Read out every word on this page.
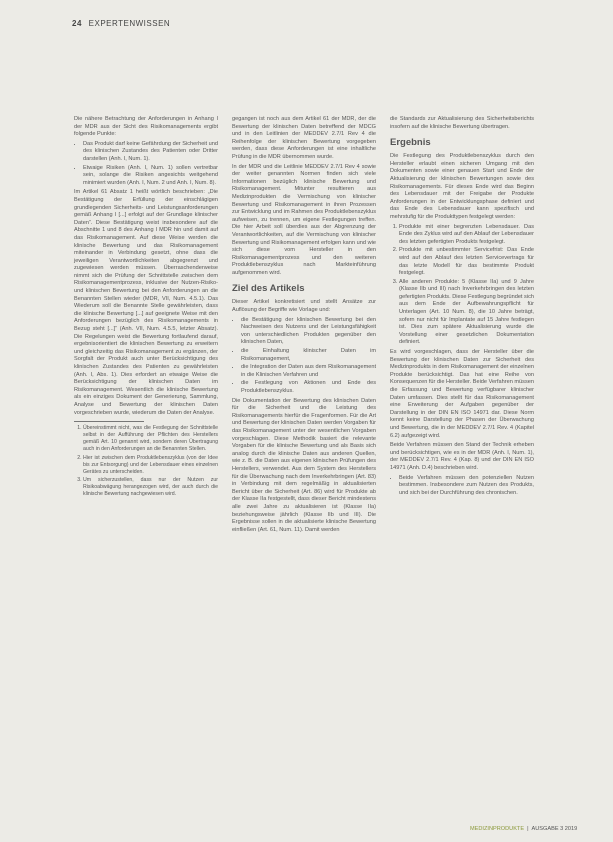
24 EXPERTENWISSEN

Die nähere Betrachtung der Anforderungen in Anhang I der MDR aus der Sicht des Risikomanagements ergibt folgende Punkte:

• Das Produkt darf keine Gefährdung der Sicherheit und des klinischen Zustandes des Patienten oder Dritter darstellen (Anh. I, Num. 1).
• Etwaige Risiken (Anh. I, Num. 1) sollen vertretbar sein, solange die Risiken angesichts weitgehend minimiert wurden (Anh. I, Num. 2 und Anh. I, Num. 8).

Im Artikel 61 Absatz 1 heißt wörtlich beschrieben: „Die Bestätigung der Erfüllung der einschlägigen grundlegenden Sicherheits- und Leistungsanforderungen gemäß Anhang I [...] erfolgt auf der Grundlage klinischer Daten“. Diese Bestätigung weist insbesondere auf die Abschnitte 1 und 8 des Anhang I MDR hin und damit auf das Risikomanagement. Auf diese Weise werden die klinische Bewertung und das Risikomanagement miteinander in Verbindung gesetzt, ohne dass die jeweiligen Verantwortlichkeiten abgegrenzt und zugewiesen werden müssen. Überraschenderweise nimmt sich die Prüfung der Schnittstelle zwischen dem Risikomanagementprozess, inklusive der Nutzen-Risiko- und klinischen Bewertung bei den Anforderungen an die Benannten Stellen wieder (MDR, VII, Num. 4.5.1). Das Wiederum soll die Benannte Stelle gewährleisten, dass die klinische Bewertung [...] auf geeignete Weise mit den Anforderungen bezüglich des Risikomanagements in Bezug steht [...]“ (Anh. VII, Num. 4.5.5, letzter Absatz). Die Regelungen weist die Bewertung fortlaufend darauf, ergebnisorientiert die klinischen Bewertung zu erweitern und gleichzeitig das Risikomanagement zu ergänzen, der Sorgfalt der Produkt auch unter Berücksichtigung des klinischen Zustandes des Patienten zu gewährleisten (Anh. I, Abs. 1). Dies erfordert an etwaige Weise die Berücksichtigung der klinischen Daten im Risikomanagement. Wesentlich die klinische Bewertung als ein einziges Dokument der Generierung, Sammlung, Analyse und Bewertung der klinischen Daten vorgeschrieben wurde, wiederum die Daten der Analyse.

1. Übereinstimmt nicht, was die Festlegung der Schnittstelle selbst in der Aufführung der Pflichten des Herstellers gemäß Art. 10 genannt wird, sondern deren Übertragung auch in den Anforderungen an die Benannten Stellen.
2. Hier ist zwischen dem Produktlebenszyklus (von der Idee bis zur Entsorgung) und der Lebensdauer eines einzelnen Gerätes zu unterscheiden.
3. Um sicherzustellen, dass nur der Nutzen zur Risikoabwägung herangezogen wird, der auch durch die klinische Bewertung nachgewiesen wird.

gegangen ist noch aus dem Artikel 61 der MDR, der die Bewertung der klinischen Daten betreffend der MDCG und in den Leitlinien der MEDDEV 2.7/1 Rev 4 die Reihenfolge der klinischen Bewertung vorgegeben werden, dass diese Anforderungen ist eine inhaltliche Prüfung in die MDR übernommen wurde.

In der MDR und die Leitlinie MEDDEV 2.7/1 Rev 4 sowie der weiter genannten Normen finden sich viele Informationen bezüglich klinische Bewertung und Risikomanagement. Mitunter resultieren aus Medizinprodukten die Vermischung von klinischer Bewertung und Risikomanagement in ihren Prozessen zur Entwicklung und im Rahmen des Produktlebenszyklus aufweisen, zu trennen, um eigene Festlegungen treffen. Die hier Arbeit soll überdies aus der Abgrenzung der Verantwortlichkeiten, auf die Vermischung von klinischer Bewertung und Risikomanagement erfolgen kann und wie sich diese vom Hersteller in den Risikomanagementprozess und den weiteren Produktlebenszyklus nach Markteinführung aufgenommen wird.

Ziel des Artikels

Dieser Artikel konkretisiert und stellt Ansätze zur Auflösung der Begriffe wie Vorlage und:

• die Bestätigung der klinischen Bewertung bei den Nachweisen des Nutzens und der Leistungsfähigkeit von unterschiedlichen Produkten gegenüber den klinischen Daten,
• die Einhaltung klinischer Daten im Risikomanagement,
• die Integration der Daten aus dem Risikomanagement in die Klinischen Verfahren und
• die Festlegung von Aktionen und Ende des Produktlebenszyklus.

Die Dokumentation der Bewertung des klinischen Daten für die Sicherheit und die Leistung des Risikomanagements hierfür die Fragenformen. Für die Art und Bewertung der klinischen Daten werden Vorgaben für das Risikomanagement unter der wesentlichen Vorgaben vorgeschlagen. Diese Methodik basiert die relevante Vorgaben für die klinische Bewertung und als Basis sich analog durch die klinische Daten aus anderen Quellen, wie z. B. die Daten aus eigenen klinischen Prüfungen des Herstellers, verwendet. Aus dem System des Herstellers für die Überwachung nach dem Inverkehrbringen (Art. 83) in Verbindung mit dem regelmäßig in aktualisierten Bericht über die Sicherheit (Art. 86) wird für Produkte ab der Klasse IIa festgestellt, dass dieser Bericht mindestens alle zwei Jahre zu aktualisieren ist (Klasse IIa) beziehungsweise jährlich (Klasse IIb und III). Die Ergebnisse sollen in die aktualisierte klinische Bewertung einfließen (Art. 61, Num. 11). Damit werden

die Standards zur Aktualisierung des Sicherheitsberichts insofern auf die klinische Bewertung übertragen.

Ergebnis

Die Festlegung des Produktlebenszyklus durch den Hersteller erlaubt einen sicheren Umgang mit den Dokumenten sowie einer genauen Start und Ende der Aktualisierung der klinischen Bewertungen sowie des Risikomanagements. Für dieses Ende wird das Beginn des Lebensdauer mit der Freigabe der Produkte Anforderungen in der Entwicklungsphase definiert und das Ende des Lebensdauer kann spezifisch und mehrstufig für die Produkttypen festgelegt werden:

1. Produkte mit einer begrenzten Lebensdauer. Das Ende des Zyklus wird auf den Ablauf der Lebensdauer des letzten gefertigten Produkts festgelegt.
2. Produkte mit unbestimmter Servicefrist: Das Ende wird auf den Ablauf des letzten Servicevertrags für das letzte Modell für das bestimmte Produkt festgelegt.
3. Alle anderen Produkte: 5 (Klasse IIa) und 9 Jahre (Klasse IIb und III) nach Inverkehrbringen des letzten gefertigten Produkts. Diese Festlegung begründet sich aus dem Ende der Aufbewahrungspflicht für Unterlagen (Art. 10 Num. 8), die 10 Jahre beträgt, sofern nur nicht für Implantate auf 15 Jahre festlegen ist. Dies zum spätere Aktualisierung wurde die Vorstellung einer gesetzlichen Dokumentation definiert.

Es wird vorgeschlagen, dass der Hersteller über die Bewertung der klinischen Daten zur Sicherheit des Medizinprodukts in dem Risikomanagement der einzelnen Produkte berücksichtigt. Das hat eine Reihe von Konsequenzen für die Hersteller. Beide Verfahren müssen die Erfassung und Bewertung verfügbarer klinischer Daten umfassen. Dies stellt für das Risikomanagement eine Erweiterung der Aufgaben gegenüber der Darstellung in der DIN EN ISO 14971 dar. Diese Norm kennt keine Darstellung der Phasen der Überwachung und Bewertung, die in der MEDDEV 2.7/1 Rev. 4 (Kapitel 6.2) aufgezeigt wird.

Beide Verfahren müssen den Stand der Technik erheben und berücksichtigen, wie es in der MDR (Anh. I, Num. 1), der MEDDEV 2.7/1 Rev. 4 (Kap. 8) und der DIN EN ISO 14971 (Anh. D.4) beschrieben wird.

• Beide Verfahren müssen den potenziellen Nutzen bestimmen. Insbesondere zum Nutzen des Produkts, und sich bei der Durchführung des chronischen.
MEDIZINPRODUKTE | AUSGABE 3 2019
